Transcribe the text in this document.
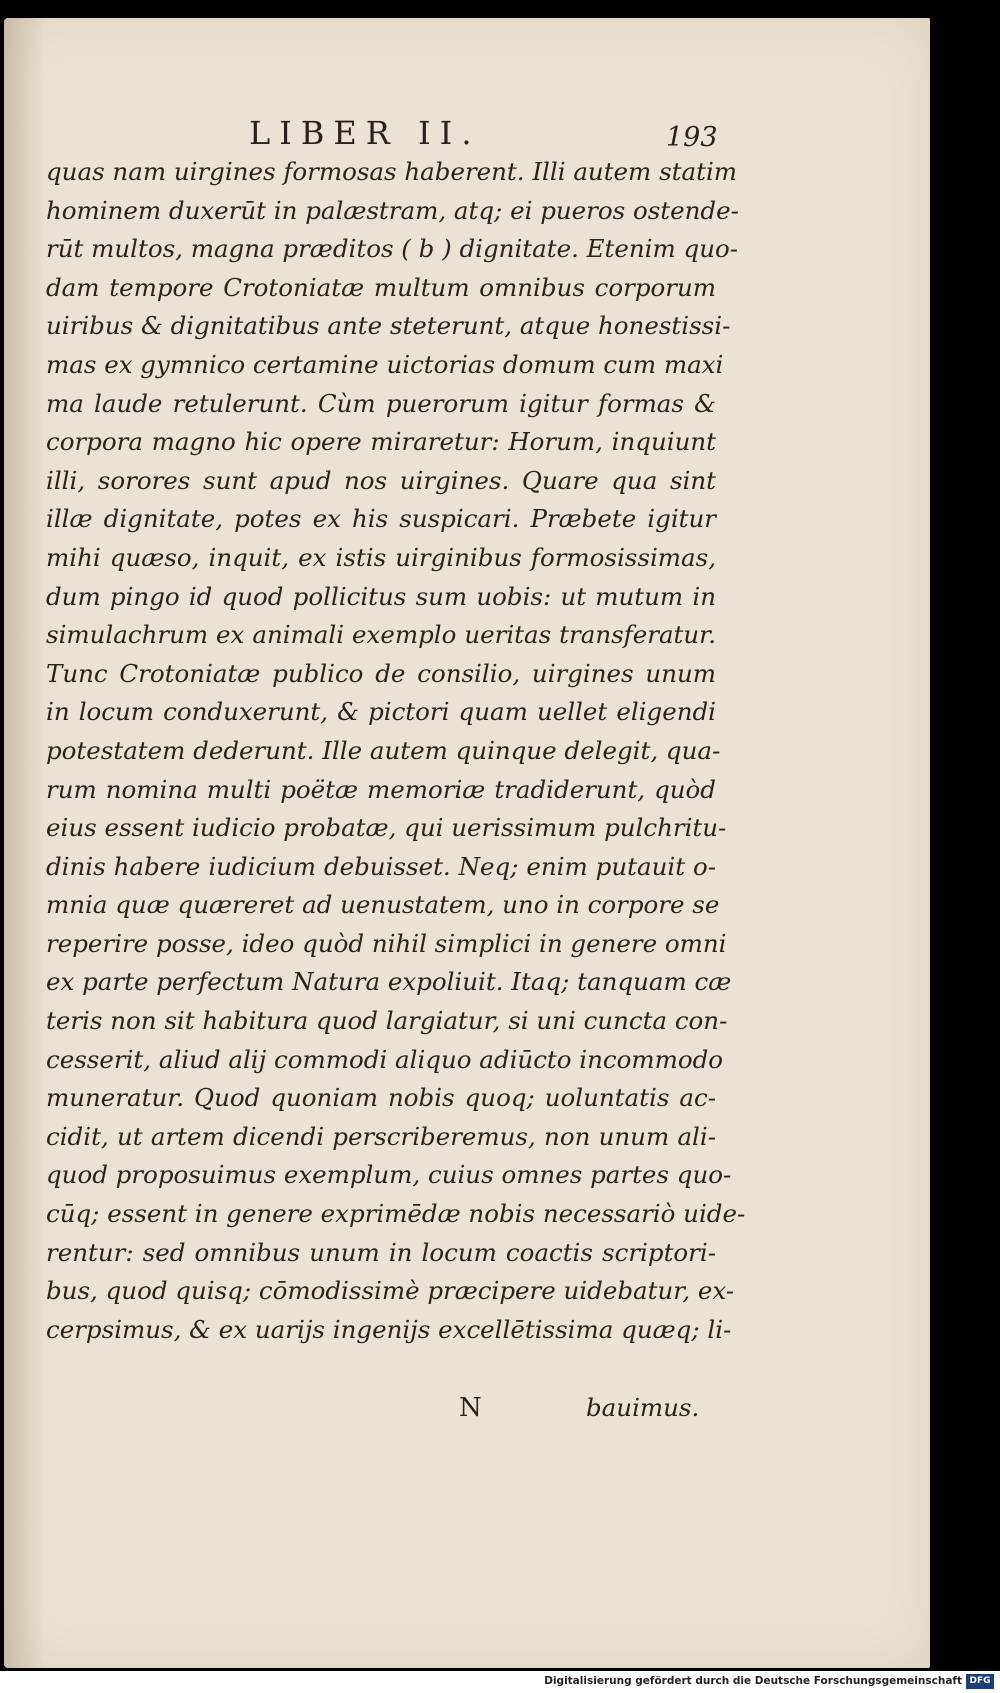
LIBER II.	193
quas nam uirgines formosas haberent. Illi autem statim
hominem duxerūt in palæstram, atq; ei pueros ostende-
rūt multos, magna præditos ( b ) dignitate. Etenim quo-
dam tempore Crotoniatæ multum omnibus corporum
uiribus & dignitatibus ante steterunt, atque honestissi-
mas ex gymnico certamine uictorias domum cum maxi
ma laude retulerunt. Cùm puerorum igitur formas &
corpora magno hic opere miraretur: Horum, inquiunt
illi, sorores sunt apud nos uirgines. Quare qua sint
illæ dignitate, potes ex his suspicari. Præbete igitur
mihi quæso, inquit, ex istis uirginibus formosissimas,
dum pingo id quod pollicitus sum uobis: ut mutum in
simulachrum ex animali exemplo ueritas transferatur.
Tunc Crotoniatæ publico de consilio, uirgines unum
in locum conduxerunt, & pictori quam uellet eligendi
potestatem dederunt. Ille autem quinque delegit, qua-
rum nomina multi poëtæ memoriæ tradiderunt, quòd
eius essent iudicio probatæ, qui uerissimum pulchritu-
dinis habere iudicium debuisset. Neq; enim putauit o-
mnia quæ quæreret ad uenustatem, uno in corpore se
reperire posse, ideo quòd nihil simplici in genere omni
ex parte perfectum Natura expoliuit. Itaq; tanquam cæ
teris non sit habitura quod largiatur, si uni cuncta con-
cesserit, aliud alij commodi aliquo adiūcto incommodo
muneratur. Quod quoniam nobis quoq; uoluntatis ac-
cidit, ut artem dicendi perscriberemus, non unum ali-
quod proposuimus exemplum, cuius omnes partes quo-
cūq; essent in genere exprimēdæ nobis necessariò uide-
rentur: sed omnibus unum in locum coactis scriptori-
bus, quod quisq; cōmodissimè præcipere uidebatur, ex-
cerpsimus, & ex uarijs ingenijs excellētissima quæq; li-
N	bauimus.
Digitalisierung gefördert durch die Deutsche Forschungsgemeinschaft DFG
